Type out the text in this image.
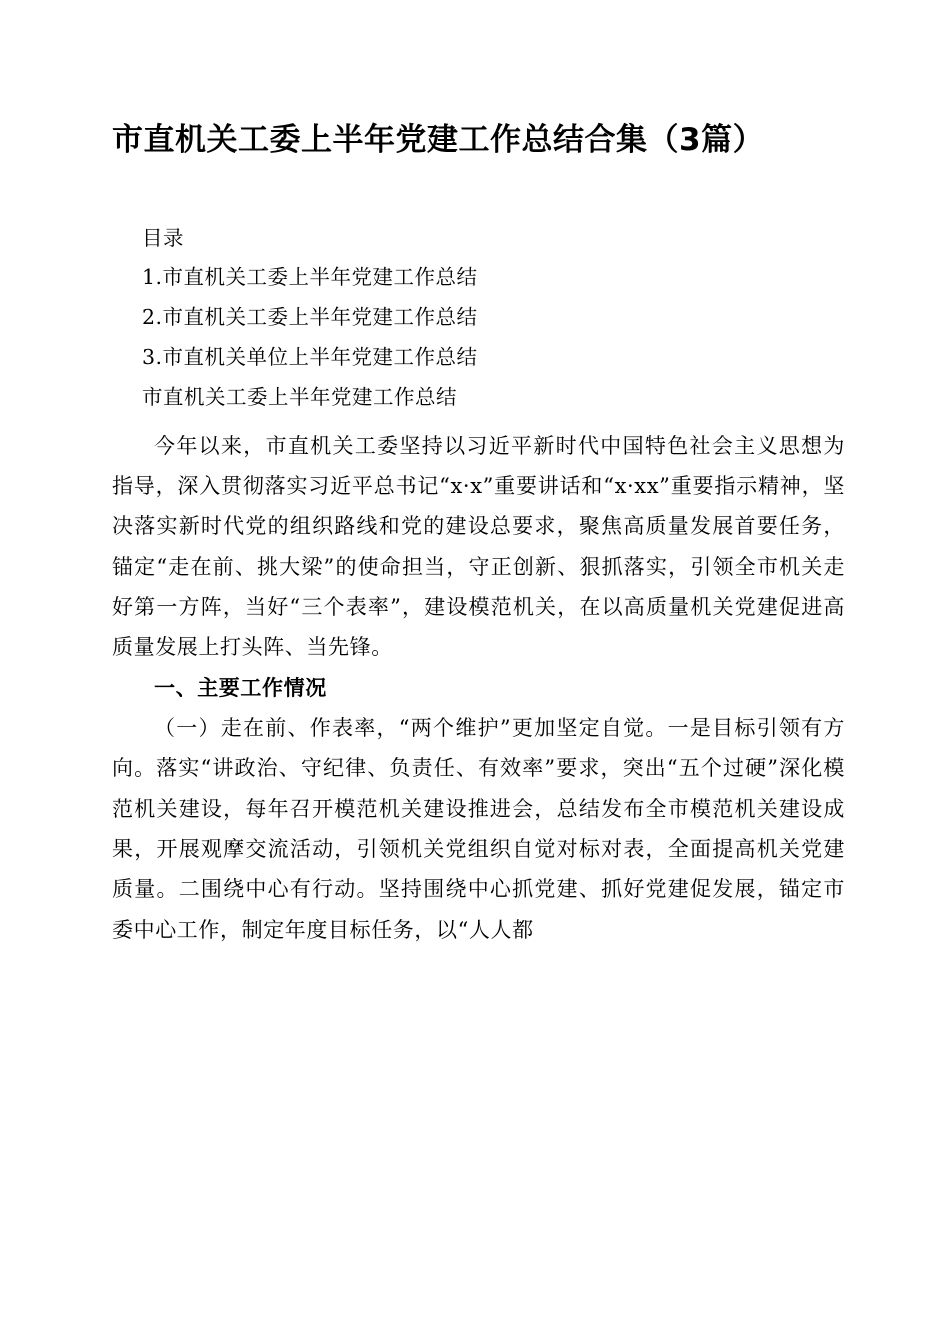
市直机关工委上半年党建工作总结合集（3篇）
目录
1.市直机关工委上半年党建工作总结
2.市直机关工委上半年党建工作总结
3.市直机关单位上半年党建工作总结
市直机关工委上半年党建工作总结

今年以来，市直机关工委坚持以习近平新时代中国特色社会主义思想为指导，深入贯彻落实习近平总书记“x·x”重要讲话和“x·xx”重要指示精神，坚决落实新时代党的组织路线和党的建设总要求，聚焦高质量发展首要任务，锚定“走在前、挑大梁”的使命担当，守正创新、狠抓落实，引领全市机关走好第一方阵，当好“三个表率”，建设模范机关，在以高质量机关党建促进高质量发展上打头阵、当先锋。

一、主要工作情况

（一）走在前、作表率，“两个维护”更加坚定自觉。一是目标引领有方向。落实“讲政治、守纪律、负责任、有效率”要求，突出“五个过硬”深化模范机关建设，每年召开模范机关建设推进会，总结发布全市模范机关建设成果，开展观摩交流活动，引领机关党组织自觉对标对表，全面提高机关党建质量。二围绕中心有行动。坚持围绕中心抓党建、抓好党建促发展，锚定市委中心工作，制定年度目标任务，以“人人都
